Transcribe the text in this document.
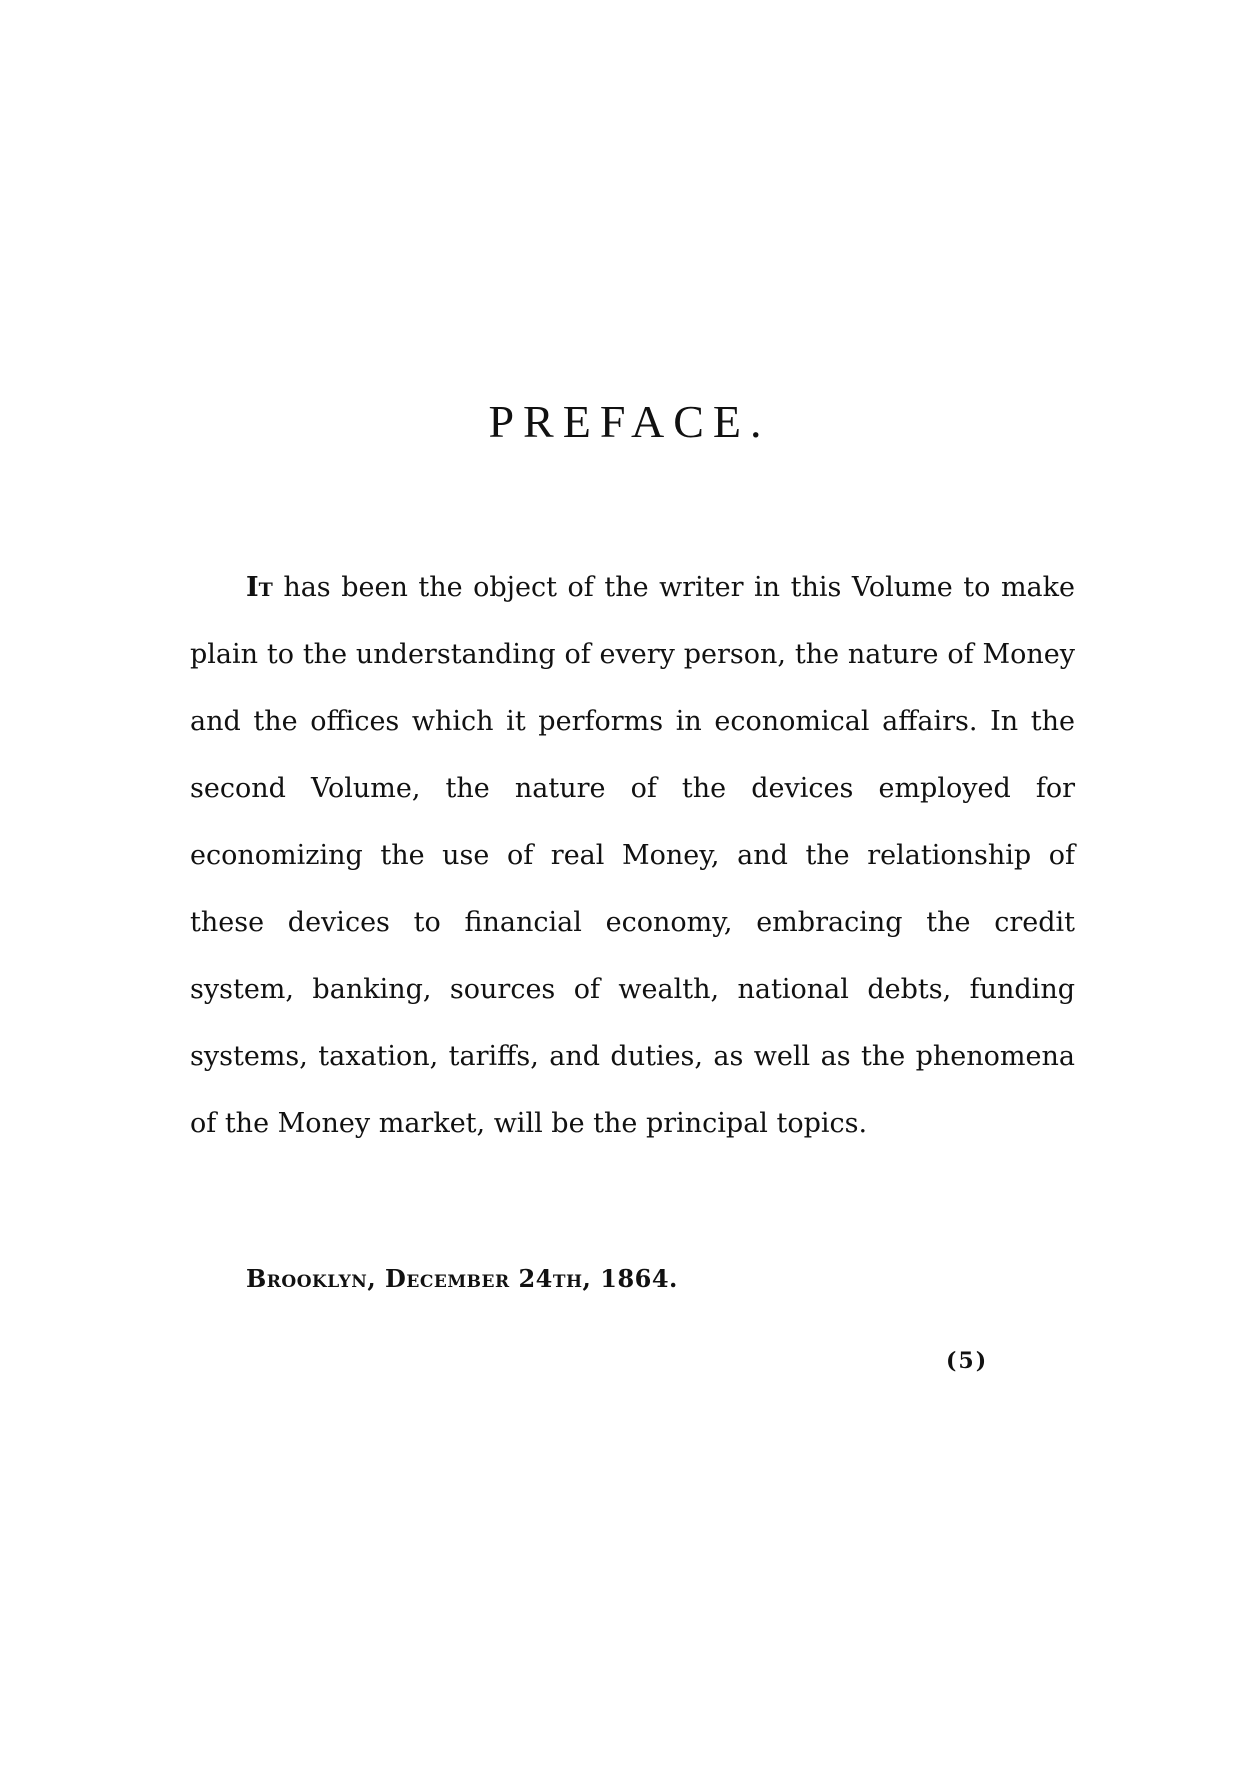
PREFACE.

It has been the object of the writer in this Volume to make plain to the understanding of every person, the nature of Money and the offices which it performs in economical affairs. In the second Volume, the nature of the devices employed for economizing the use of real Money, and the relationship of these devices to financial economy, embracing the credit system, banking, sources of wealth, national debts, funding systems, taxation, tariffs, and duties, as well as the phenomena of the Money market, will be the principal topics.

Brooklyn, December 24th, 1864.
(5)
